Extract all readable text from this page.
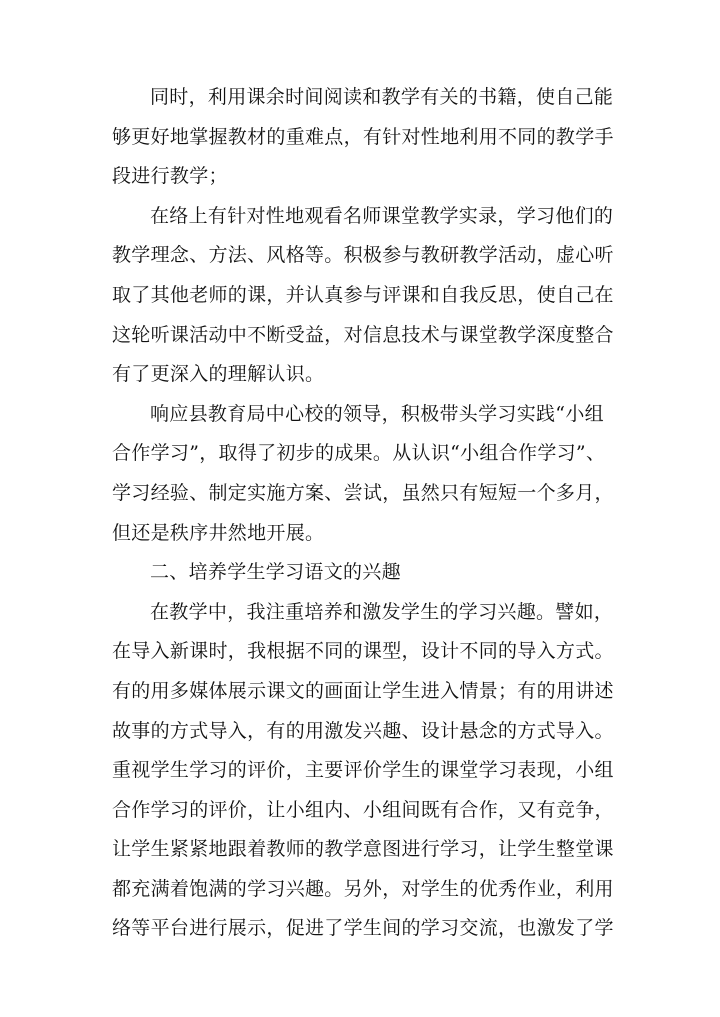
同时，利用课余时间阅读和教学有关的书籍，使自己能
够更好地掌握教材的重难点，有针对性地利用不同的教学手
段进行教学；
在络上有针对性地观看名师课堂教学实录，学习他们的
教学理念、方法、风格等。积极参与教研教学活动，虚心听
取了其他老师的课，并认真参与评课和自我反思，使自己在
这轮听课活动中不断受益，对信息技术与课堂教学深度整合
有了更深入的理解认识。
响应县教育局中心校的领导，积极带头学习实践“小组
合作学习”，取得了初步的成果。从认识“小组合作学习”、
学习经验、制定实施方案、尝试，虽然只有短短一个多月，
但还是秩序井然地开展。
二、培养学生学习语文的兴趣
在教学中，我注重培养和激发学生的学习兴趣。譬如，
在导入新课时，我根据不同的课型，设计不同的导入方式。
有的用多媒体展示课文的画面让学生进入情景；有的用讲述
故事的方式导入，有的用激发兴趣、设计悬念的方式导入。
重视学生学习的评价，主要评价学生的课堂学习表现，小组
合作学习的评价，让小组内、小组间既有合作，又有竞争，
让学生紧紧地跟着教师的教学意图进行学习，让学生整堂课
都充满着饱满的学习兴趣。另外，对学生的优秀作业，利用
络等平台进行展示，促进了学生间的学习交流，也激发了学
